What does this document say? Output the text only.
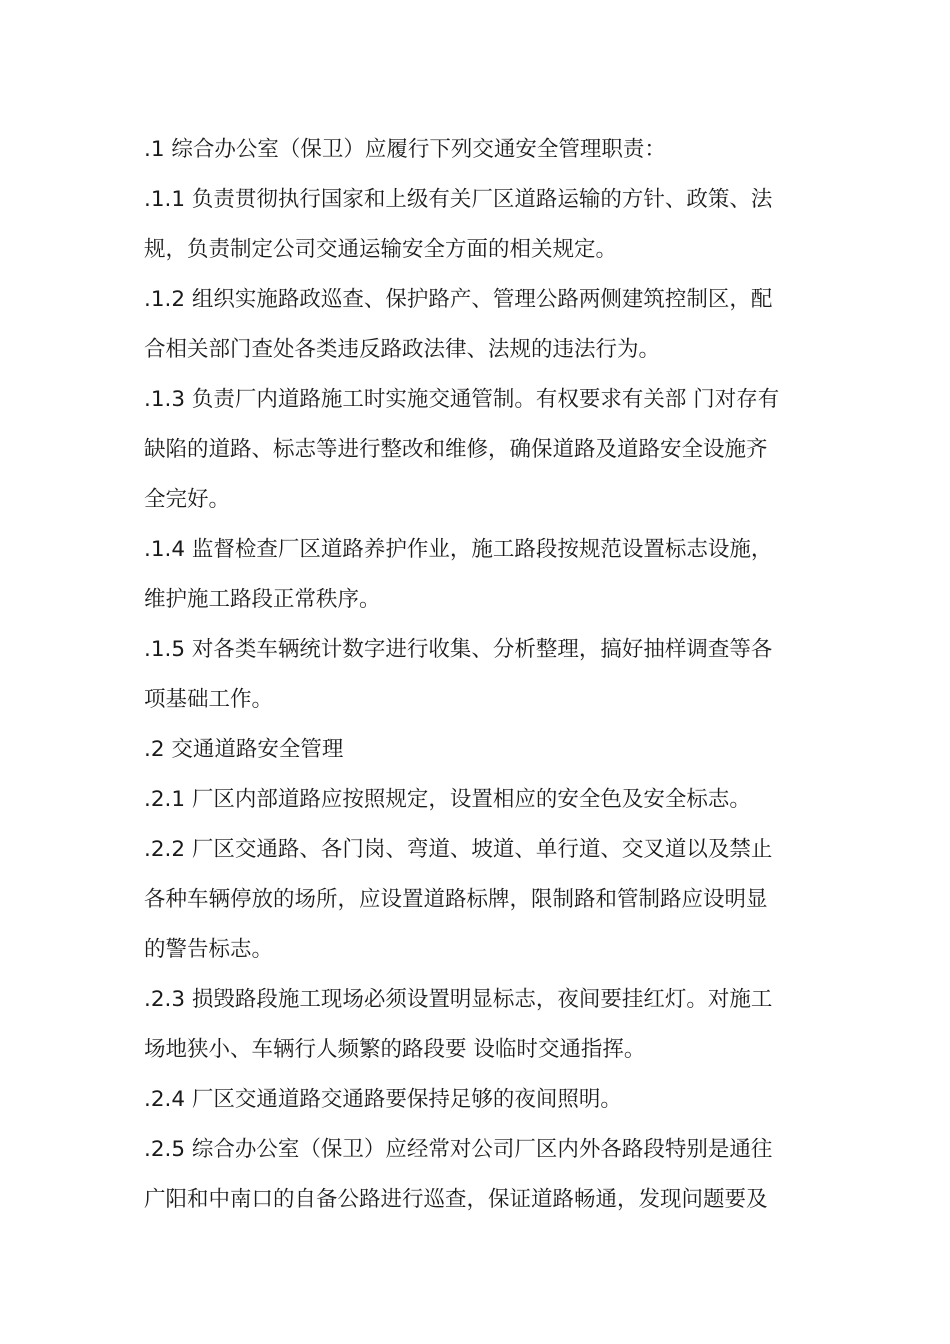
.1 综合办公室（保卫）应履行下列交通安全管理职责：
.1.1 负责贯彻执行国家和上级有关厂区道路运输的方针、政策、法
规，负责制定公司交通运输安全方面的相关规定。
.1.2 组织实施路政巡查、保护路产、管理公路两侧建筑控制区，配
合相关部门查处各类违反路政法律、法规的违法行为。
.1.3 负责厂内道路施工时实施交通管制。有权要求有关部 门对存有
缺陷的道路、标志等进行整改和维修，确保道路及道路安全设施齐
全完好。
.1.4 监督检查厂区道路养护作业，施工路段按规范设置标志设施，
维护施工路段正常秩序。
.1.5 对各类车辆统计数字进行收集、分析整理，搞好抽样调查等各
项基础工作。
.2 交通道路安全管理
.2.1 厂区内部道路应按照规定，设置相应的安全色及安全标志。
.2.2 厂区交通路、各门岗、弯道、坡道、单行道、交叉道以及禁止
各种车辆停放的场所，应设置道路标牌，限制路和管制路应设明显
的警告标志。
.2.3 损毁路段施工现场必须设置明显标志，夜间要挂红灯。对施工
场地狭小、车辆行人频繁的路段要 设临时交通指挥。
.2.4 厂区交通道路交通路要保持足够的夜间照明。
.2.5 综合办公室（保卫）应经常对公司厂区内外各路段特别是通往
广阳和中南口的自备公路进行巡查，保证道路畅通，发现问题要及
